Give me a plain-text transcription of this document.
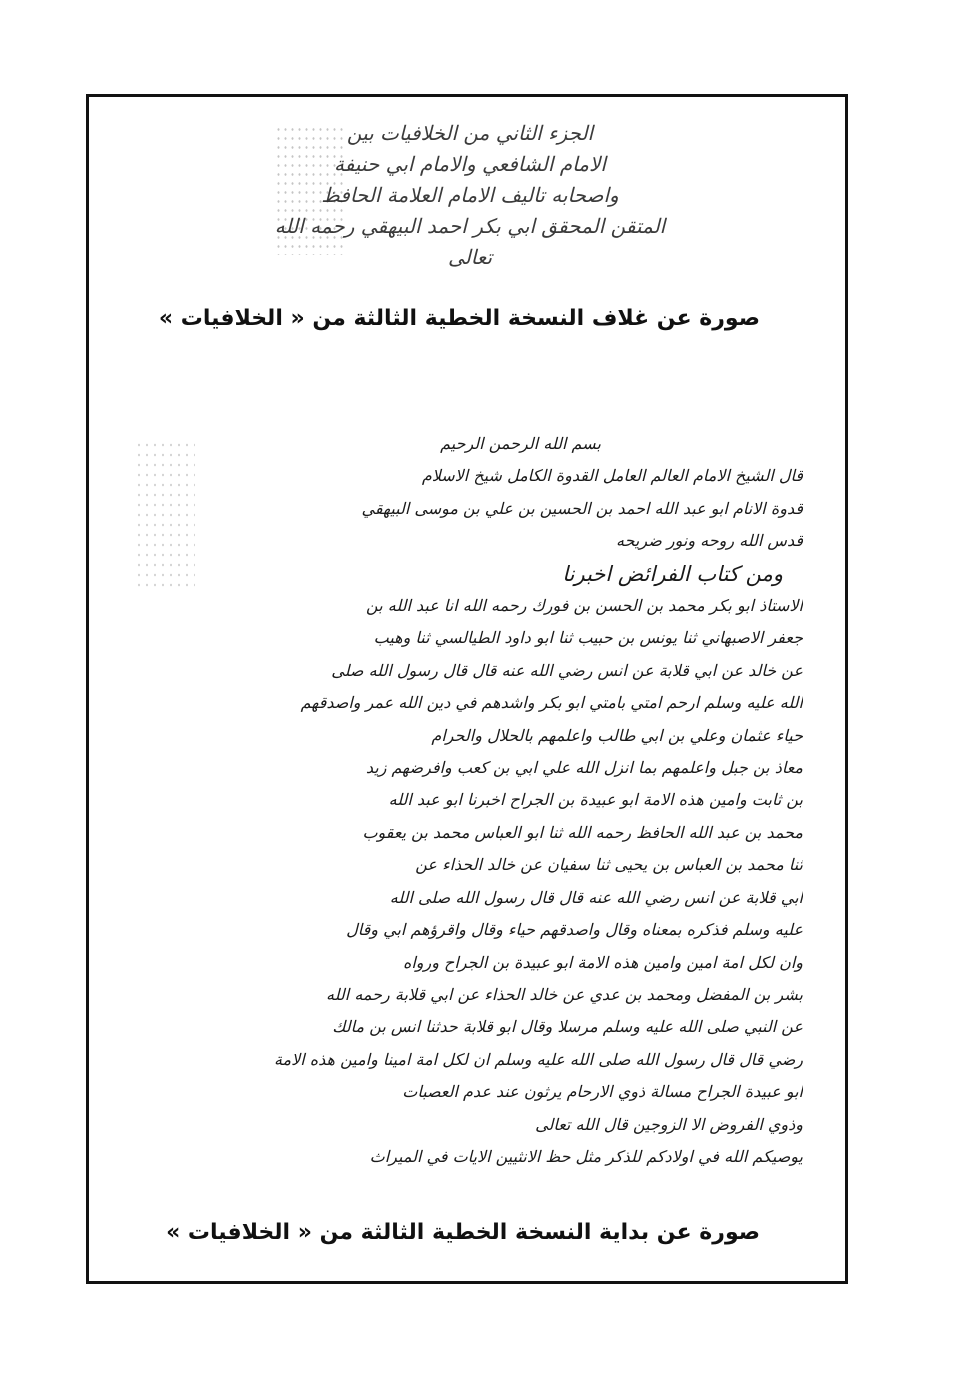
الجزء الثاني من الخلافيات بين
الامام الشافعي والامام ابي حنيفة
واصحابه تاليف الامام العلامة الحافظ
المتقن المحقق ابي بكر احمد البيهقي رحمه الله
تعالى
صورة عن غلاف النسخة الخطية الثالثة من « الخلافيات »
بسم الله الرحمن الرحيم
قال الشيخ الامام العالم العامل القدوة الكامل شيخ الاسلام
قدوة الانام ابو عبد الله احمد بن الحسين بن علي بن موسى البيهقي
قدس الله روحه ونور ضريحه
ومن كتاب الفرائض اخبرنا
الاستاذ ابو بكر محمد بن الحسن بن فورك رحمه الله انا عبد الله بن
جعفر الاصبهاني ثنا يونس بن حبيب ثنا ابو داود الطيالسي ثنا وهيب
عن خالد عن ابي قلابة عن انس رضي الله عنه قال قال رسول الله صلى
الله عليه وسلم ارحم امتي بامتي ابو بكر واشدهم في دين الله عمر واصدقهم
حياء عثمان وعلي بن ابي طالب واعلمهم بالحلال والحرام
معاذ بن جبل واعلمهم بما انزل الله علي ابي بن كعب وافرضهم زيد
بن ثابت وامين هذه الامة ابو عبيدة بن الجراح اخبرنا ابو عبد الله
محمد بن عبد الله الحافظ رحمه الله ثنا ابو العباس محمد بن يعقوب
ثنا محمد بن العباس بن يحيى ثنا سفيان عن خالد الحذاء عن
ابي قلابة عن انس رضي الله عنه قال قال رسول الله صلى الله
عليه وسلم فذكره بمعناه وقال واصدقهم حياء وقال واقرؤهم ابي وقال
وان لكل امة امين وامين هذه الامة ابو عبيدة بن الجراح ورواه
بشر بن المفضل ومحمد بن عدي عن خالد الحذاء عن ابي قلابة رحمه الله
عن النبي صلى الله عليه وسلم مرسلا وقال ابو قلابة حدثنا انس بن مالك
رضي قال قال رسول الله صلى الله عليه وسلم ان لكل امة امينا وامين هذه الامة
ابو عبيدة الجراح مسالة ذوي الارحام يرثون عند عدم العصبات
وذوي الفروض الا الزوجين قال الله تعالى
يوصيكم الله في اولادكم للذكر مثل حظ الانثيين الايات في الميراث
صورة عن بداية النسخة الخطية الثالثة من « الخلافيات »
